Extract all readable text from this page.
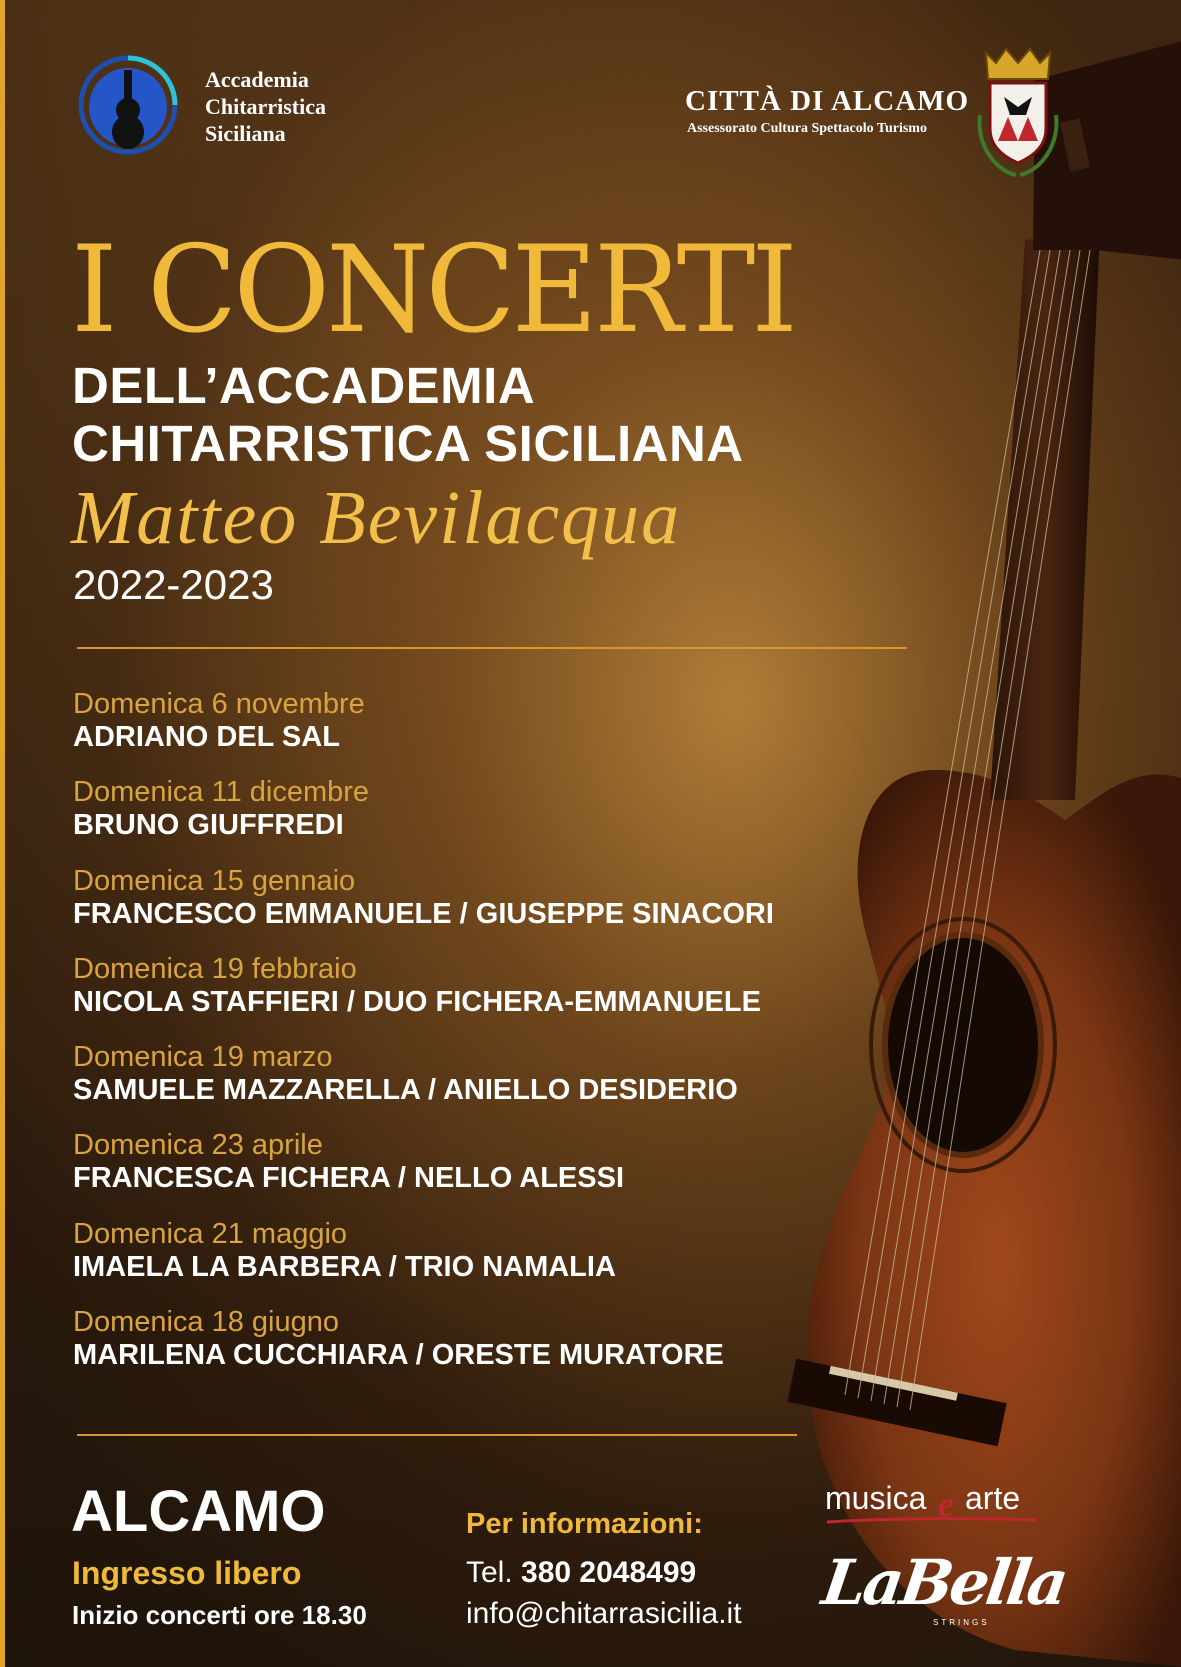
Accademia
Chitarristica
Siciliana
CITTÀ DI ALCAMO
Assessorato Cultura Spettacolo Turismo
I CONCERTI
DELL’ACCADEMIA
CHITARRISTICA SICILIANA
Matteo Bevilacqua
2022-2023
Domenica 6 novembre
ADRIANO DEL SAL
Domenica 11 dicembre
BRUNO GIUFFREDI
Domenica 15 gennaio
FRANCESCO EMMANUELE / GIUSEPPE SINACORI
Domenica 19 febbraio
NICOLA STAFFIERI / DUO FICHERA-EMMANUELE
Domenica 19 marzo
SAMUELE MAZZARELLA / ANIELLO DESIDERIO
Domenica 23 aprile
FRANCESCA FICHERA / NELLO ALESSI
Domenica 21 maggio
IMAELA LA BARBERA / TRIO NAMALIA
Domenica 18 giugno
MARILENA CUCCHIARA / ORESTE MURATORE
ALCAMO
Ingresso libero
Inizio concerti ore 18.30
Per informazioni:
Tel. 380 2048499
info@chitarrasicilia.it
musica e arte
LaBella
STRINGS
